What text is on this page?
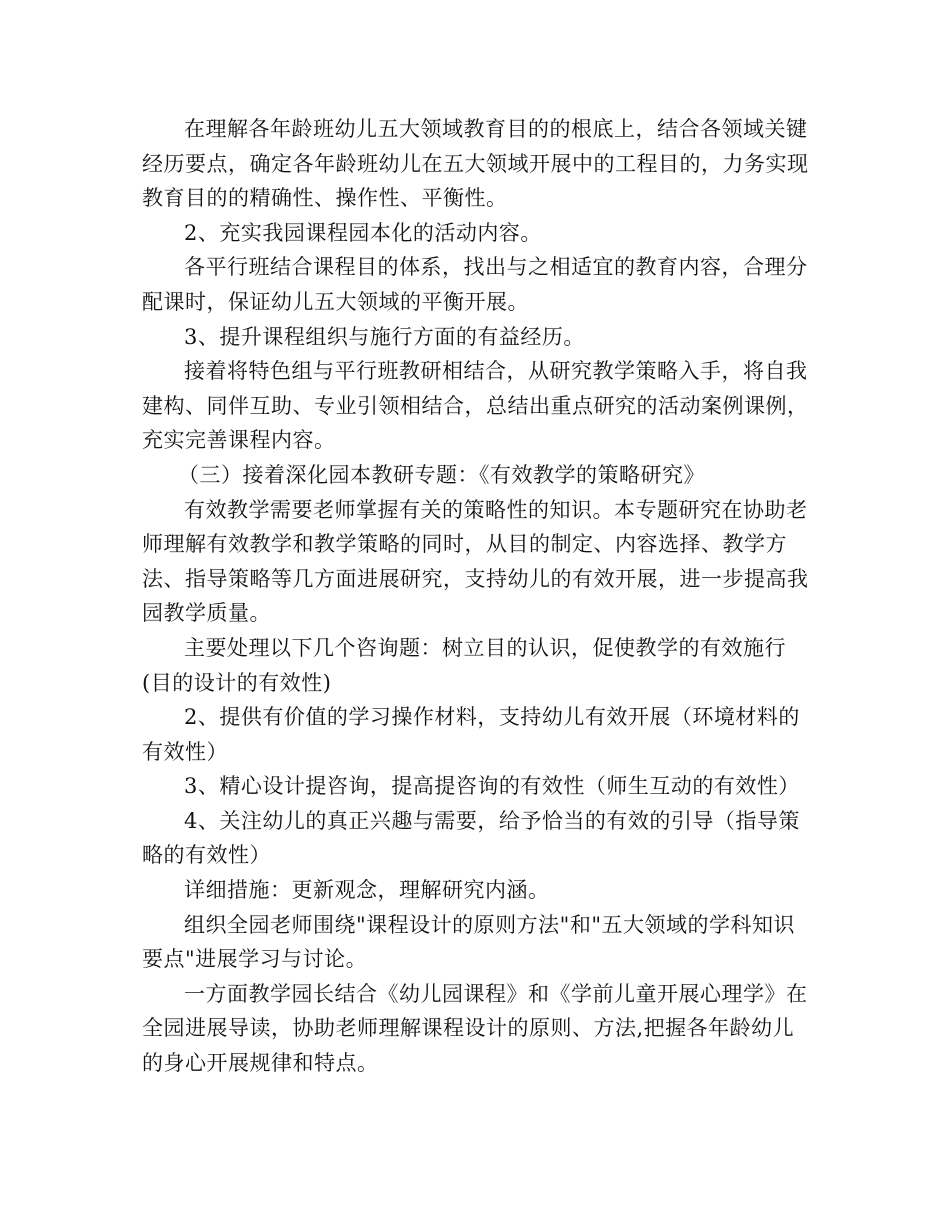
在理解各年龄班幼儿五大领域教育目的的根底上，结合各领域关键经历要点，确定各年龄班幼儿在五大领域开展中的工程目的，力务实现教育目的的精确性、操作性、平衡性。

2、充实我园课程园本化的活动内容。

各平行班结合课程目的体系，找出与之相适宜的教育内容，合理分配课时，保证幼儿五大领域的平衡开展。

3、提升课程组织与施行方面的有益经历。

接着将特色组与平行班教研相结合，从研究教学策略入手，将自我建构、同伴互助、专业引领相结合，总结出重点研究的活动案例课例，充实完善课程内容。

（三）接着深化园本教研专题：《有效教学的策略研究》

有效教学需要老师掌握有关的策略性的知识。本专题研究在协助老师理解有效教学和教学策略的同时，从目的制定、内容选择、教学方法、指导策略等几方面进展研究，支持幼儿的有效开展，进一步提高我园教学质量。

主要处理以下几个咨询题：树立目的认识，促使教学的有效施行(目的设计的有效性)

2、提供有价值的学习操作材料，支持幼儿有效开展（环境材料的有效性）

3、精心设计提咨询，提高提咨询的有效性（师生互动的有效性）

4、关注幼儿的真正兴趣与需要，给予恰当的有效的引导（指导策略的有效性）

详细措施：更新观念，理解研究内涵。

组织全园老师围绕"课程设计的原则方法"和"五大领域的学科知识要点"进展学习与讨论。

一方面教学园长结合《幼儿园课程》和《学前儿童开展心理学》在全园进展导读，协助老师理解课程设计的原则、方法,把握各年龄幼儿的身心开展规律和特点。
